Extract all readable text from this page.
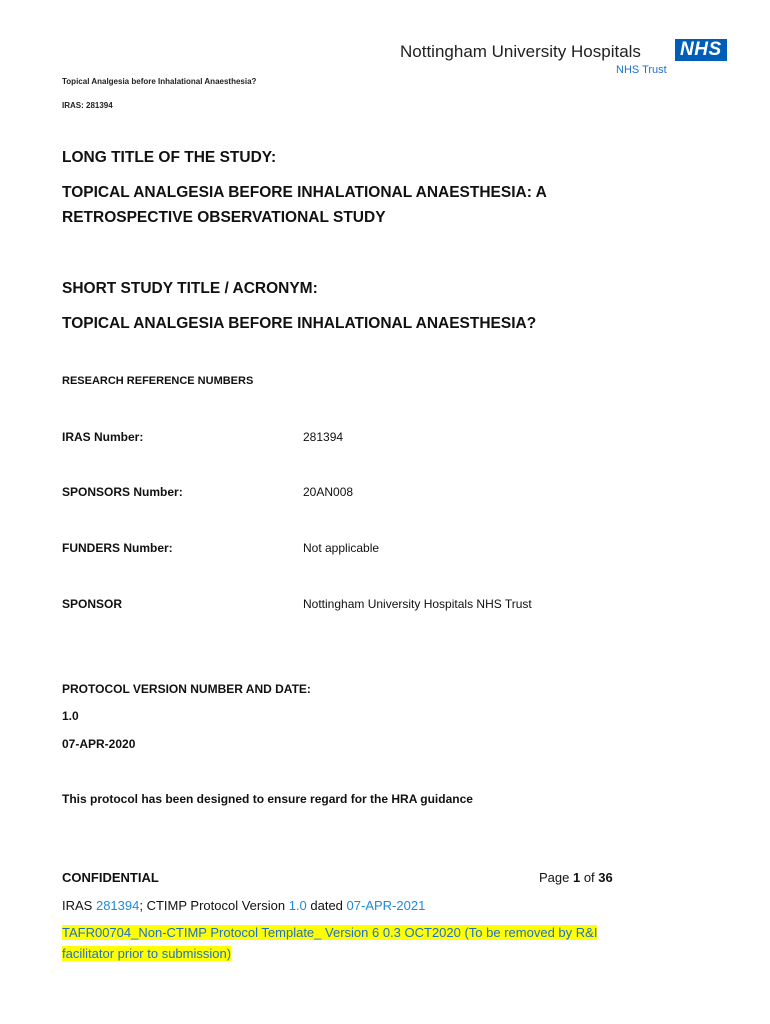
Nottingham University Hospitals NHS
NHS Trust
Topical Analgesia before Inhalational Anaesthesia?
IRAS: 281394
LONG TITLE OF THE STUDY:
TOPICAL ANALGESIA BEFORE INHALATIONAL ANAESTHESIA: A
RETROSPECTIVE OBSERVATIONAL STUDY
SHORT STUDY TITLE / ACRONYM:
TOPICAL ANALGESIA BEFORE INHALATIONAL ANAESTHESIA?
RESEARCH REFERENCE NUMBERS
IRAS Number:	281394
SPONSORS Number:	20AN008
FUNDERS Number:	Not applicable
SPONSOR	Nottingham University Hospitals NHS Trust
PROTOCOL VERSION NUMBER AND DATE:
1.0
07-APR-2020
This protocol has been designed to ensure regard for the HRA guidance
CONFIDENTIAL	Page 1 of 36
IRAS 281394; CTIMP Protocol Version 1.0 dated 07-APR-2021
TAFR00704_Non-CTIMP Protocol Template_ Version 6 0.3 OCT2020 (To be removed by R&I
facilitator prior to submission)
